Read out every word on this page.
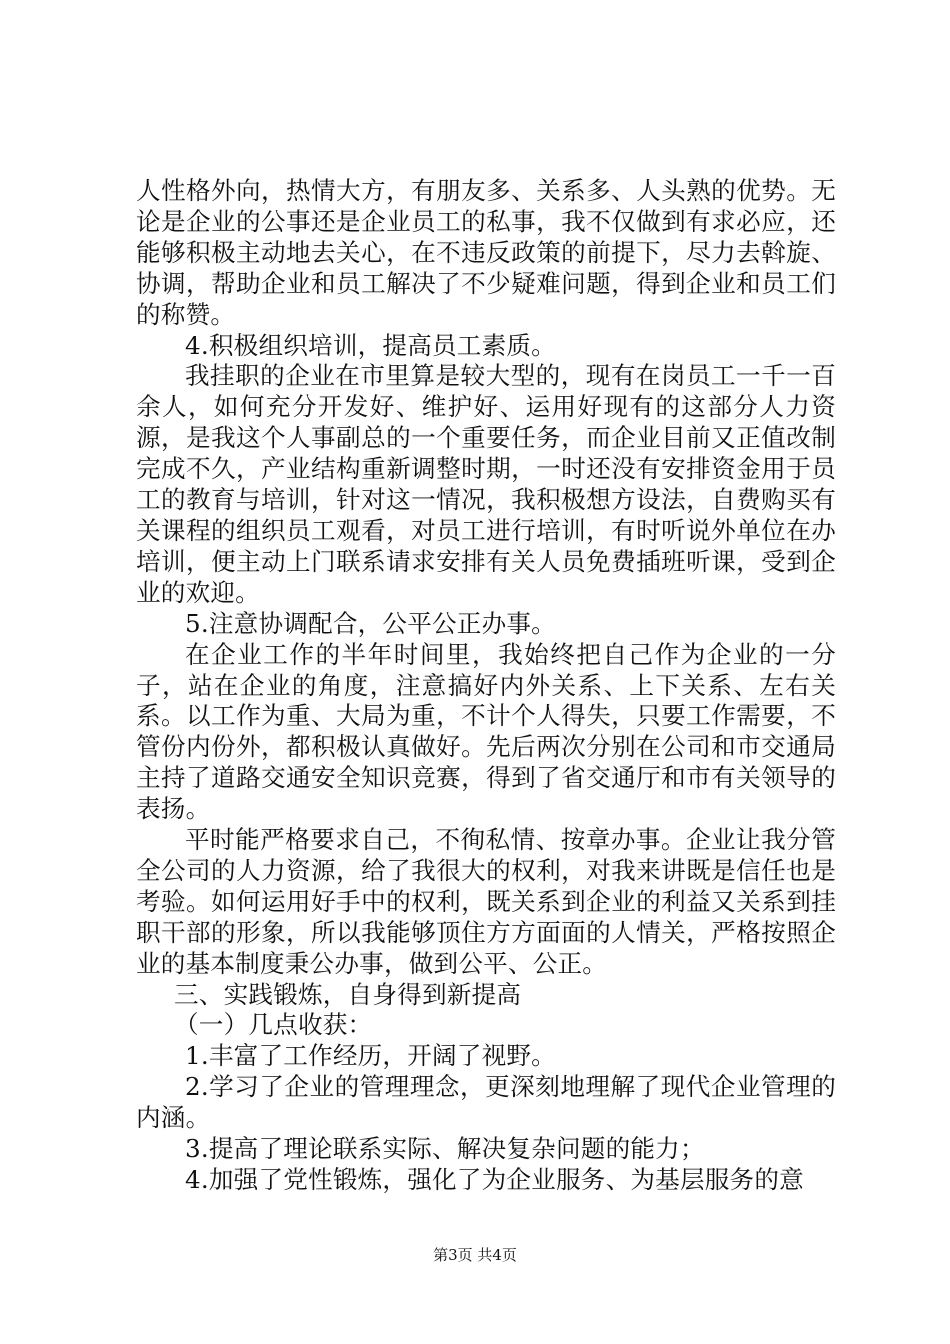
人性格外向，热情大方，有朋友多、关系多、人头熟的优势。无论是企业的公事还是企业员工的私事，我不仅做到有求必应，还能够积极主动地去关心，在不违反政策的前提下，尽力去斡旋、协调，帮助企业和员工解决了不少疑难问题，得到企业和员工们的称赞。

4.积极组织培训，提高员工素质。

我挂职的企业在市里算是较大型的，现有在岗员工一千一百余人，如何充分开发好、维护好、运用好现有的这部分人力资源，是我这个人事副总的一个重要任务，而企业目前又正值改制完成不久，产业结构重新调整时期，一时还没有安排资金用于员工的教育与培训，针对这一情况，我积极想方设法，自费购买有关课程的组织员工观看，对员工进行培训，有时听说外单位在办培训，便主动上门联系请求安排有关人员免费插班听课，受到企业的欢迎。

5.注意协调配合，公平公正办事。

在企业工作的半年时间里，我始终把自己作为企业的一分子，站在企业的角度，注意搞好内外关系、上下关系、左右关系。以工作为重、大局为重，不计个人得失，只要工作需要，不管份内份外，都积极认真做好。先后两次分别在公司和市交通局主持了道路交通安全知识竞赛，得到了省交通厅和市有关领导的表扬。

平时能严格要求自己，不徇私情、按章办事。企业让我分管全公司的人力资源，给了我很大的权利，对我来讲既是信任也是考验。如何运用好手中的权利，既关系到企业的利益又关系到挂职干部的形象，所以我能够顶住方方面面的人情关，严格按照企业的基本制度秉公办事，做到公平、公正。

三、实践锻炼，自身得到新提高

（一）几点收获：

1.丰富了工作经历，开阔了视野。

2.学习了企业的管理理念，更深刻地理解了现代企业管理的内涵。

3.提高了理论联系实际、解决复杂问题的能力；

4.加强了党性锻炼，强化了为企业服务、为基层服务的意

第3页 共4页
